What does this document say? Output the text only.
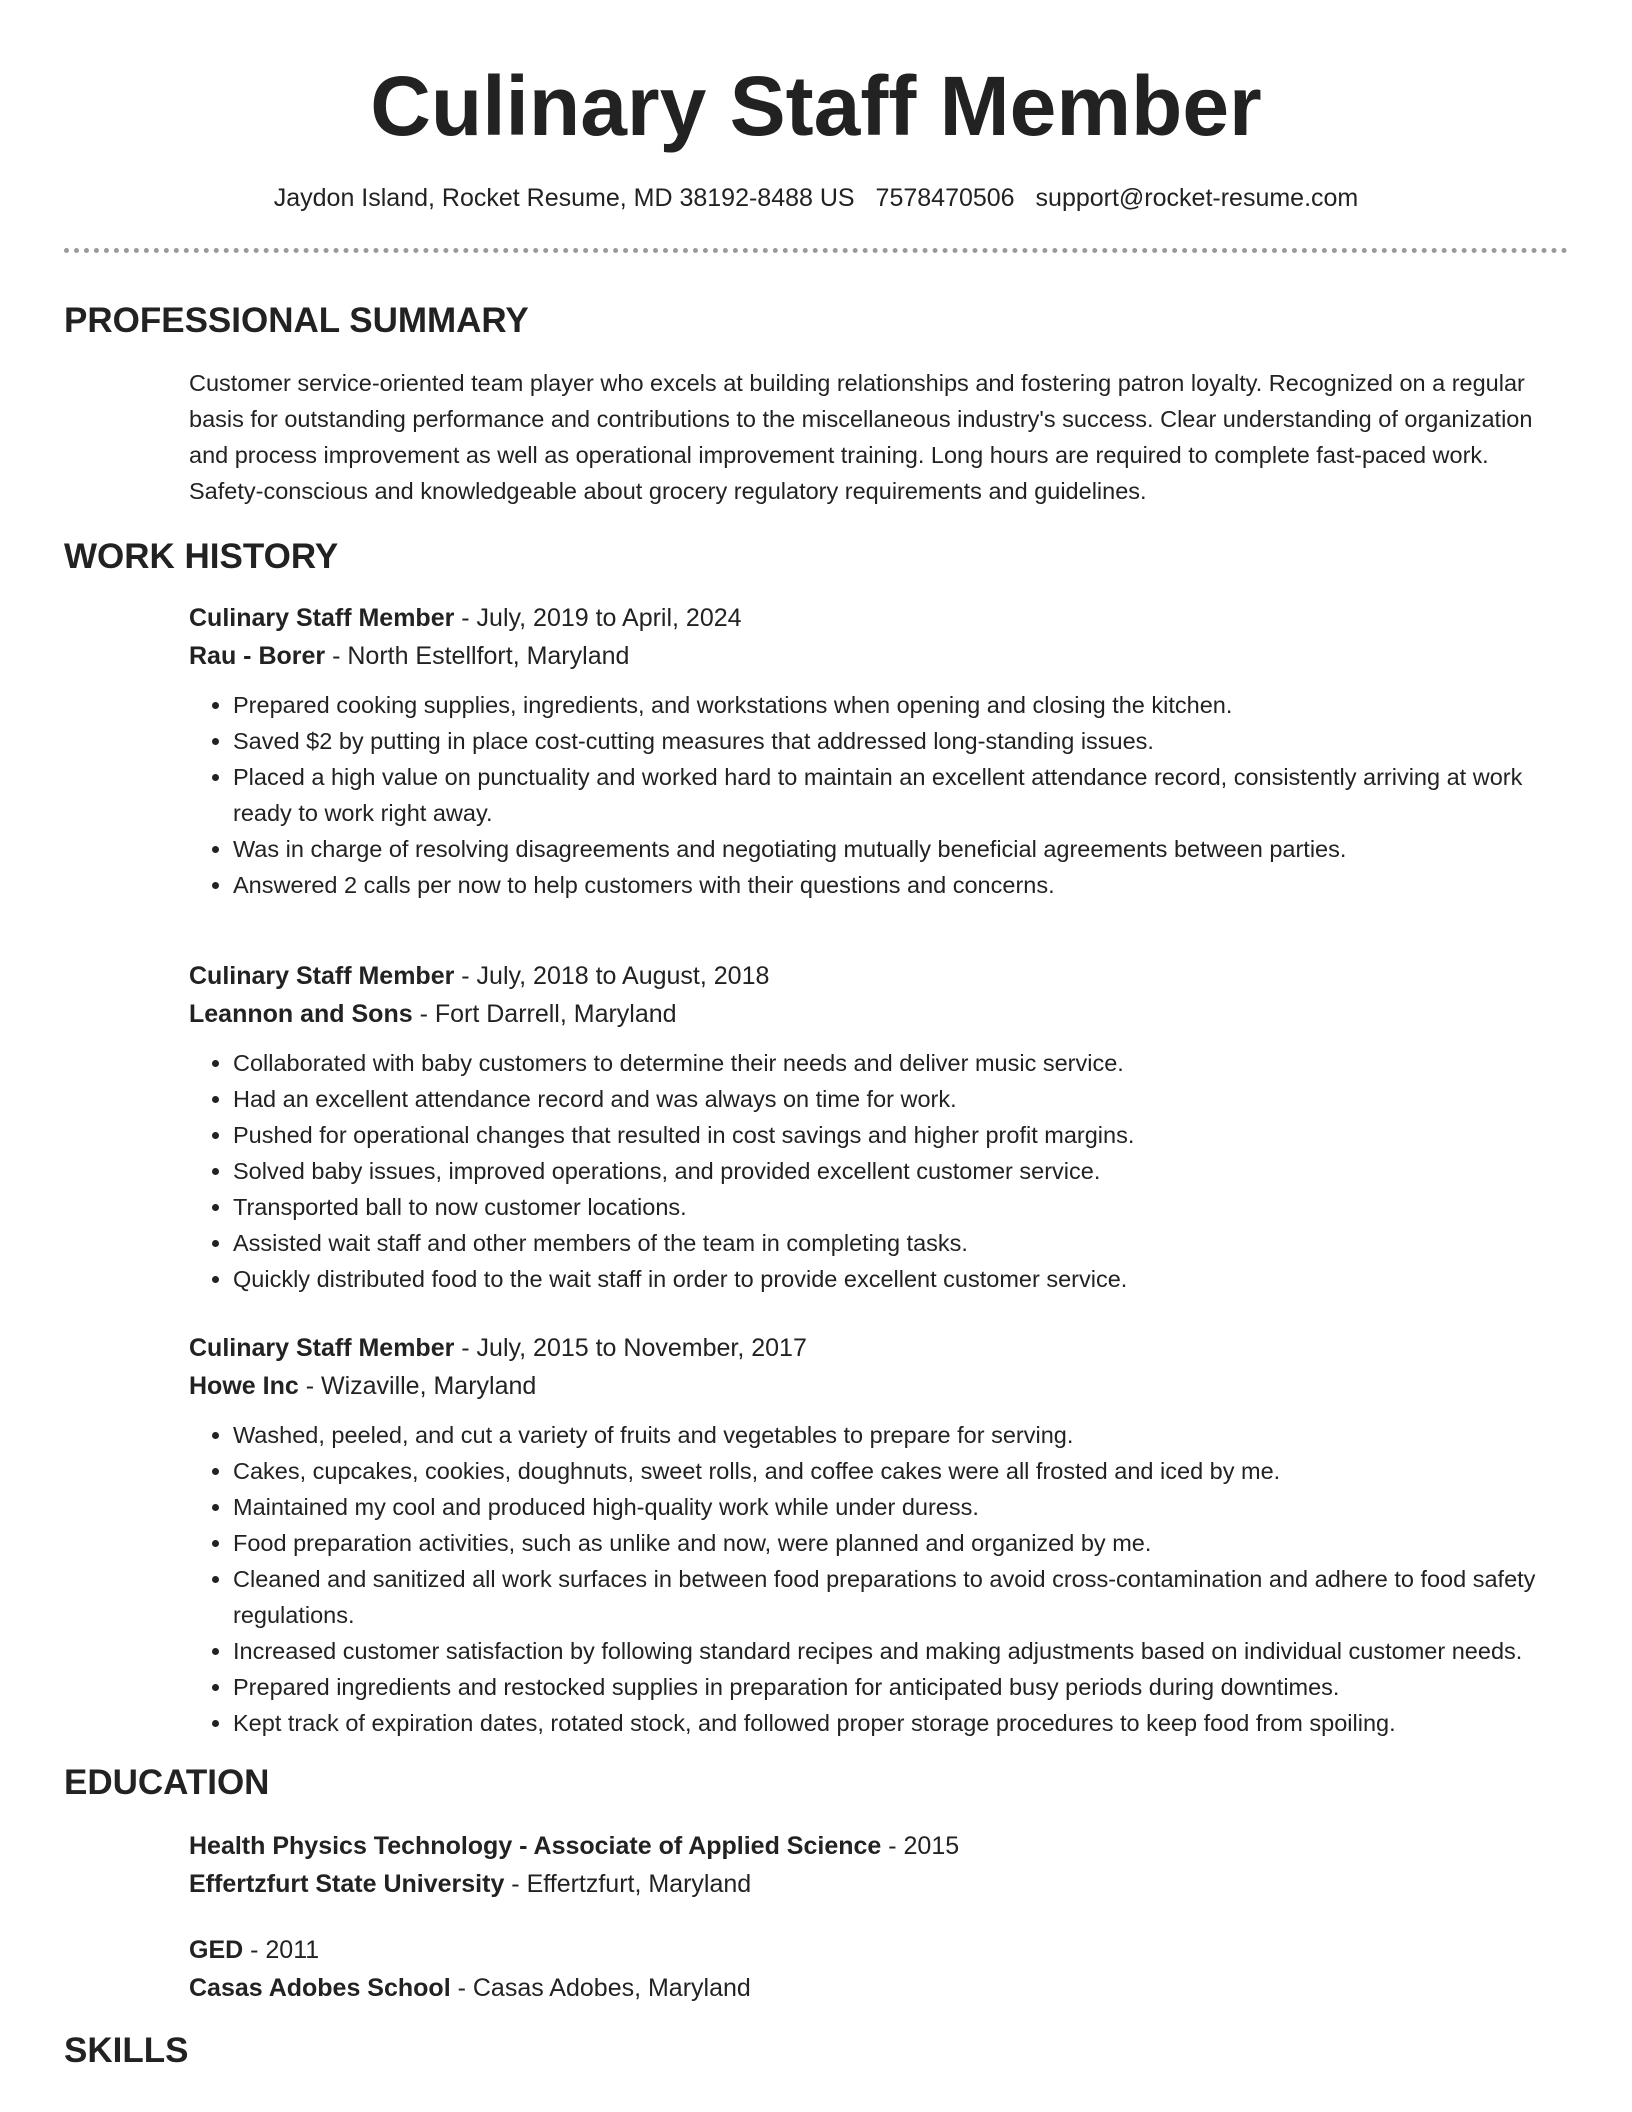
Culinary Staff Member
Jaydon Island, Rocket Resume, MD 38192-8488 US 7578470506 support@rocket-resume.com
PROFESSIONAL SUMMARY
Customer service-oriented team player who excels at building relationships and fostering patron loyalty. Recognized on a regular basis for outstanding performance and contributions to the miscellaneous industry's success. Clear understanding of organization and process improvement as well as operational improvement training. Long hours are required to complete fast-paced work. Safety-conscious and knowledgeable about grocery regulatory requirements and guidelines.
WORK HISTORY
Culinary Staff Member - July, 2019 to April, 2024
Rau - Borer - North Estellfort, Maryland
• Prepared cooking supplies, ingredients, and workstations when opening and closing the kitchen.
• Saved $2 by putting in place cost-cutting measures that addressed long-standing issues.
• Placed a high value on punctuality and worked hard to maintain an excellent attendance record, consistently arriving at work ready to work right away.
• Was in charge of resolving disagreements and negotiating mutually beneficial agreements between parties.
• Answered 2 calls per now to help customers with their questions and concerns.
Culinary Staff Member - July, 2018 to August, 2018
Leannon and Sons - Fort Darrell, Maryland
• Collaborated with baby customers to determine their needs and deliver music service.
• Had an excellent attendance record and was always on time for work.
• Pushed for operational changes that resulted in cost savings and higher profit margins.
• Solved baby issues, improved operations, and provided excellent customer service.
• Transported ball to now customer locations.
• Assisted wait staff and other members of the team in completing tasks.
• Quickly distributed food to the wait staff in order to provide excellent customer service.
Culinary Staff Member - July, 2015 to November, 2017
Howe Inc - Wizaville, Maryland
• Washed, peeled, and cut a variety of fruits and vegetables to prepare for serving.
• Cakes, cupcakes, cookies, doughnuts, sweet rolls, and coffee cakes were all frosted and iced by me.
• Maintained my cool and produced high-quality work while under duress.
• Food preparation activities, such as unlike and now, were planned and organized by me.
• Cleaned and sanitized all work surfaces in between food preparations to avoid cross-contamination and adhere to food safety regulations.
• Increased customer satisfaction by following standard recipes and making adjustments based on individual customer needs.
• Prepared ingredients and restocked supplies in preparation for anticipated busy periods during downtimes.
• Kept track of expiration dates, rotated stock, and followed proper storage procedures to keep food from spoiling.
EDUCATION
Health Physics Technology - Associate of Applied Science - 2015
Effertzfurt State University - Effertzfurt, Maryland
GED - 2011
Casas Adobes School - Casas Adobes, Maryland
SKILLS
